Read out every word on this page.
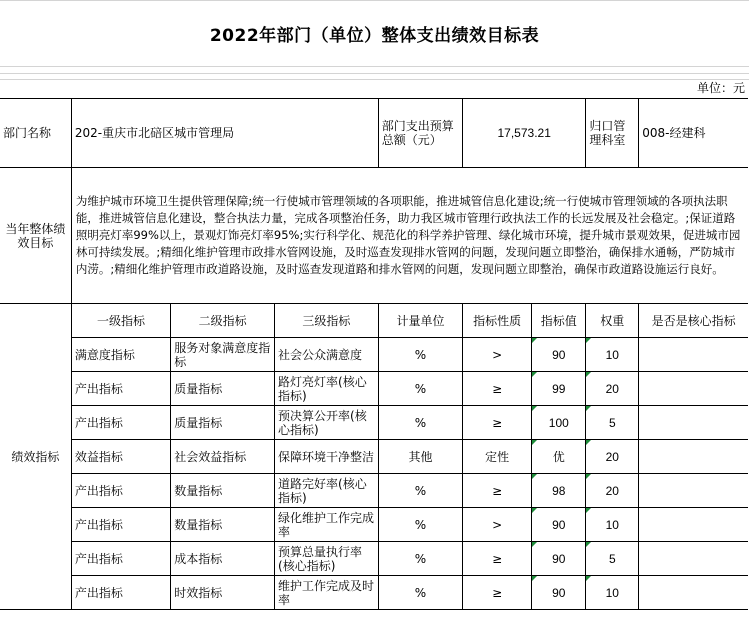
2022年部门（单位）整体支出绩效目标表
单位：元
部门名称	202-重庆市北碚区城市管理局			部门支出预算总额（元）	17,573.21		归口管理科室	008-经建科
当年整体绩效目标	为维护城市环境卫生提供管理保障;统一行使城市管理领域的各项职能，推进城管信息化建设;统一行使城市管理领域的各项执法职能，推进城管信息化建设，整合执法力量，完成各项整治任务，助力我区城市管理行政执法工作的长远发展及社会稳定。;保证道路照明亮灯率99%以上，景观灯饰亮灯率95%;实行科学化、规范化的科学养护管理、绿化城市环境，提升城市景观效果，促进城市园林可持续发展。;精细化维护管理市政排水管网设施，及时巡查发现排水管网的问题，发现问题立即整治，确保排水通畅，严防城市内涝。;精细化维护管理市政道路设施，及时巡查发现道路和排水管网的问题，发现问题立即整治，确保市政道路设施运行良好。							
绩效指标	一级指标	二级指标	三级指标	计量单位	指标性质	指标值	权重	是否是核心指标
	满意度指标	服务对象满意度指标	社会公众满意度	%	>	90	10	
	产出指标	质量指标	路灯亮灯率(核心指标)	%	≥	99	20	
	产出指标	质量指标	预决算公开率(核心指标)	%	≥	100	5	
	效益指标	社会效益指标	保障环境干净整洁	其他	定性	优	20	
	产出指标	数量指标	道路完好率(核心指标)	%	≥	98	20	
	产出指标	数量指标	绿化维护工作完成率	%	>	90	10	
	产出指标	成本指标	预算总量执行率(核心指标)	%	≥	90	5	
	产出指标	时效指标	维护工作完成及时率	%	≥	90	10	
